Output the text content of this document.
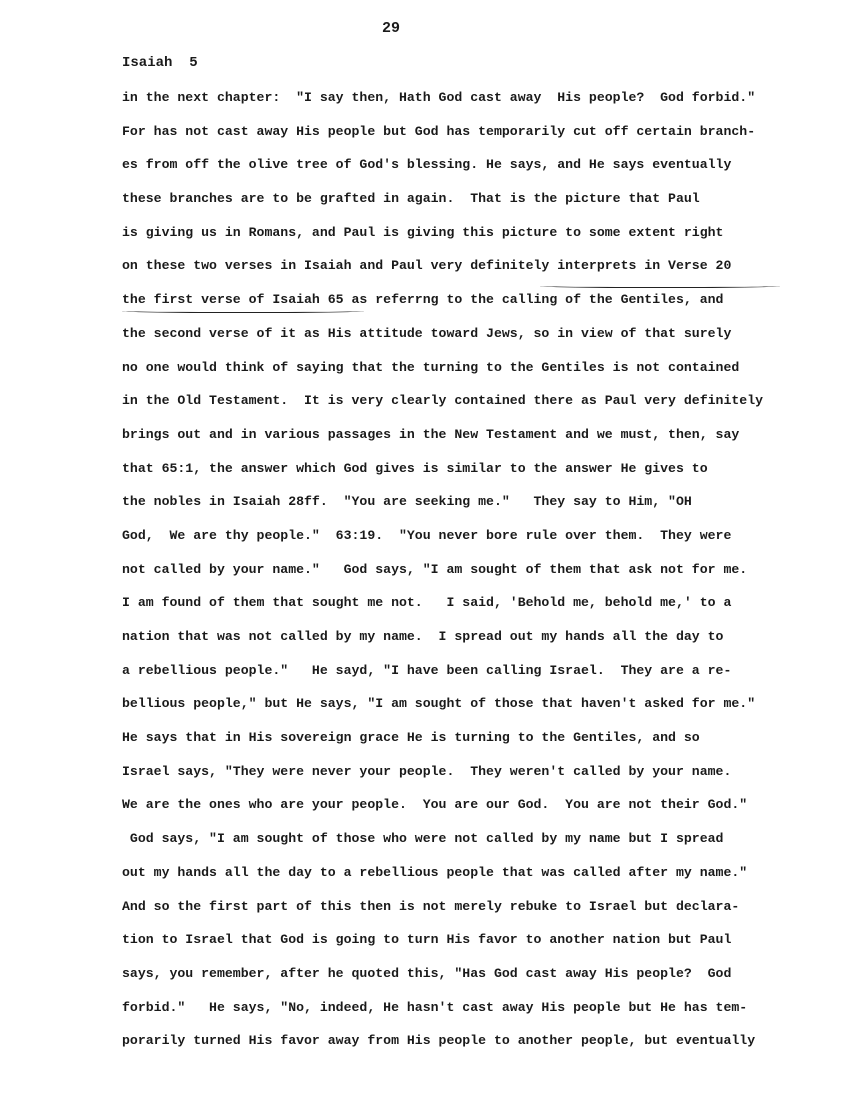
29
Isaiah  5
in the next chapter:  "I say then, Hath God cast away  His people?  God forbid."
For has not cast away His people but God has temporarily cut off certain branch-
es from off the olive tree of God's blessing. He says, and He says eventually
these branches are to be grafted in again.  That is the picture that Paul
is giving us in Romans, and Paul is giving this picture to some extent right
on these two verses in Isaiah and Paul very definitely interprets in Verse 20
the first verse of Isaiah 65 as referrng to the calling of the Gentiles, and
the second verse of it as His attitude toward Jews, so in view of that surely
no one would think of saying that the turning to the Gentiles is not contained
in the Old Testament.  It is very clearly contained there as Paul very definitely
brings out and in various passages in the New Testament and we must, then, say
that 65:1, the answer which God gives is similar to the answer He gives to
the nobles in Isaiah 28ff.  "You are seeking me."   They say to Him, "OH
God,  We are thy people."  63:19.  "You never bore rule over them.  They were
not called by your name."   God says, "I am sought of them that ask not for me.
I am found of them that sought me not.   I said, 'Behold me, behold me,' to a
nation that was not called by my name.  I spread out my hands all the day to
a rebellious people."   He sayd, "I have been calling Israel.  They are a re-
bellious people," but He says, "I am sought of those that haven't asked for me."
He says that in His sovereign grace He is turning to the Gentiles, and so
Israel says, "They were never your people.  They weren't called by your name.
We are the ones who are your people.  You are our God.  You are not their God."
God says, "I am sought of those who were not called by my name but I spread
out my hands all the day to a rebellious people that was called after my name."
And so the first part of this then is not merely rebuke to Israel but declara-
tion to Israel that God is going to turn His favor to another nation but Paul
says, you remember, after he quoted this, "Has God cast away His people?  God
forbid."   He says, "No, indeed, He hasn't cast away His people but He has tem-
porarily turned His favor away from His people to another people, but eventually
